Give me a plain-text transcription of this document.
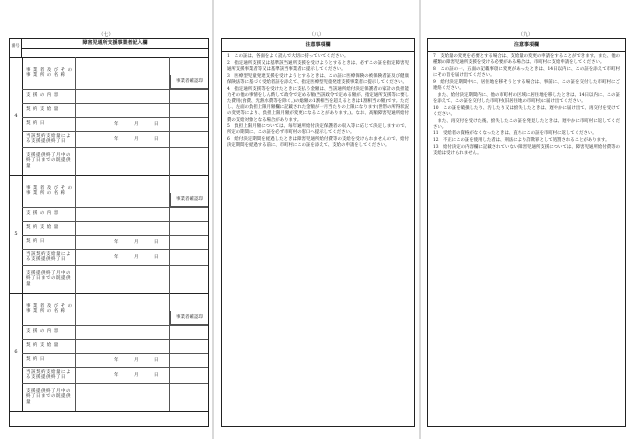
（七）
番号	障害児通所支援事業者記入欄
4
事 業 者 及 び そ の 事 業 所 の 名 称
支 援 の 内 容
事業者確認印
契 約 支 給 量
契 約 日	年	月	日
当該契約支給量による支援提供終了日	年	月	日
支援提供終了月中の終了日までの既提供量
5
事 業 者 及 び そ の 事 業 所 の 名 称
支 援 の 内 容
事業者確認印
契 約 支 給 量
契 約 日	年	月	日
当該契約支給量による支援提供終了日	年	月	日
支援提供終了月中の終了日までの既提供量
6
事 業 者 及 び そ の 事 業 所 の 名 称
支 援 の 内 容
事業者確認印
契 約 支 給 量
契 約 日	年	月	日
当該契約支給量による支援提供終了日	年	月	日
支援提供終了月中の終了日までの既提供量
（八）
注意事項欄

1　この証は、各面をよく読んで大切に持っていてください。

2　指定通所支援又は基準該当通所支援を受けようとするときは、必ずこの証を指定障害児通所支援事業者等又は基準該当事業者に提示してください。

3　医療型児童発達支援を受けようとするときは、この証に医療保険の被保険者証及び健康保険法等に基づく受給者証を添えて、指定医療型児童発達支援事業者に提示してください。

4　指定通所支援等を受けたときに支払う金額は、当該通所給付決定保護者の家計の負担能力その他の事情をしん酌して政令で定める額(当該政令で定める額が、指定通所支援等に要した費用(食費、光熱水費等を除く。)の総額の1割相当を超えるときは1割相当の額)です。ただし、左面の負担上限月額欄に記載された金額が一月当たりの上限になります(世帯の所得状況の変更等により、負担上限月額が変更になることがあります。)。なお、高額障害児通所給付費の支給対象となる場合があります。

5　負担上限月額については、毎年通所給付決定保護者の収入等に応じて決定しますので、所定の期間に、この証を必ず市町村の窓口へ提示してください。

6　給付決定期間を経過したときは障害児通所給付費等の支給を受けられませんので、給付決定期間を経過する前に、市町村にこの証を添えて、支給の申請をしてください。

（九）
注意事項欄

7　支給量の変更を必要とする場合は、支給量の変更の申請をすることができます。また、他の種類の障害児通所支援を受ける必要がある場合は、市町村に支給申請をしてください。

8　この証の一、五面の記載事項に変更があったときは、14日以内に、この証を添えて市町村にその旨を届け出てください。

9　給付決定期間中に、居住地を移そうとする場合は、事前に、この証を交付した市町村にご連絡ください。

　また、給付決定期間内に、他の市町村の区域に居住地を移したときは、14日以内に、この証を添えて、この証を交付した市町村(旧居住地の市町村)に届け出てください。

10　この証を破損したり、汚したり又は紛失したときは、遅やかに届け出て、再交付を受けてください。

　また、再交付を受けた後、紛失したこの証を発見したときは、遅やかに市町村に返してください。

11　受給者の資格がなくなったときは、直ちにこの証を市町村に返してください。

12　不正にこの証を使用した者は、刑法により詐欺罪として処罰されることがあります。

13　給付決定の内容欄に記載されていない障害児通所支援については、障害児通所給付費等の支給は受けられません。
